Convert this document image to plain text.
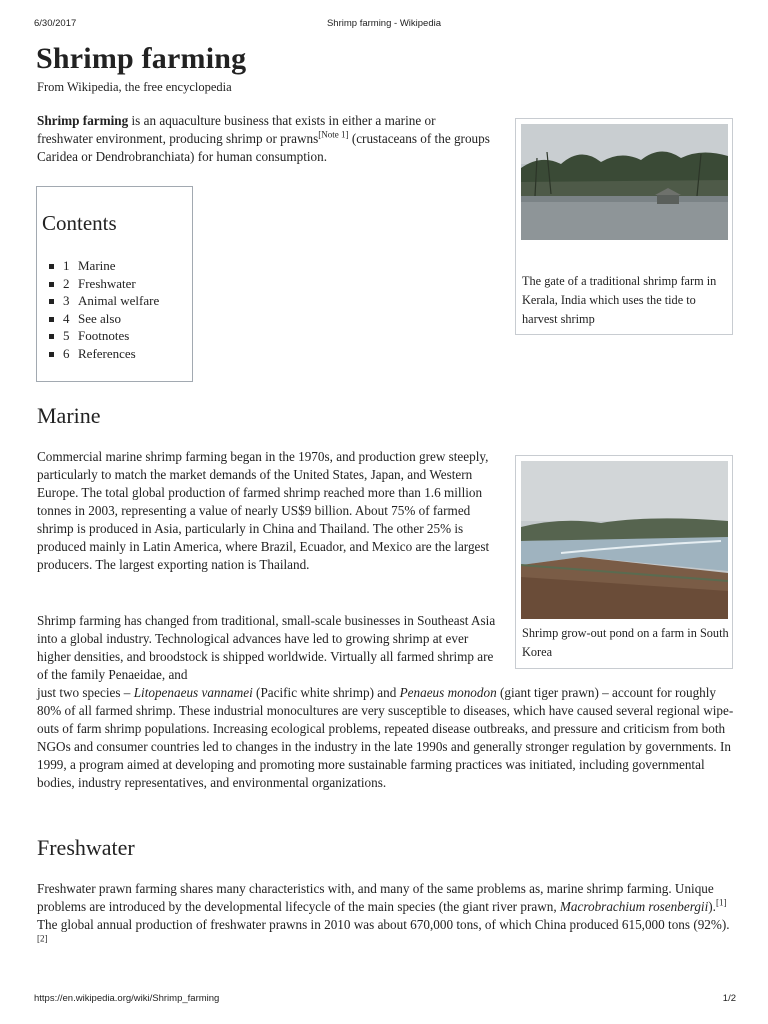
6/30/2017	Shrimp farming - Wikipedia
Shrimp farming
From Wikipedia, the free encyclopedia

Shrimp farming is an aquaculture business that exists in either a marine or

freshwater environment, producing shrimp or prawns[Note 1] (crustaceans of the groups Caridea or Dendrobranchiata) for human consumption.

Contents
1 Marine
2 Freshwater
3 Animal welfare
4 See also
5 Footnotes
6 References
The gate of a traditional shrimp farm in Kerala, India which uses the tide to harvest shrimp
Marine

Commercial marine shrimp farming began in the 1970s, and production grew steeply, particularly to match the market demands of the United States, Japan, and Western Europe. The total global production of farmed shrimp reached more than 1.6 million tonnes in 2003, representing a value of nearly US$9 billion. About 75% of farmed shrimp is produced in Asia, particularly in China and Thailand. The other 25% is produced mainly in Latin America, where Brazil, Ecuador, and Mexico are the largest producers. The largest exporting nation is Thailand.

Shrimp grow-out pond on a farm in South Korea

Shrimp farming has changed from traditional, small-scale businesses in Southeast Asia into a global industry. Technological advances have led to growing shrimp at ever higher densities, and broodstock is shipped worldwide. Virtually all farmed shrimp are of the family Penaeidae, and

just two species – Litopenaeus vannamei (Pacific white shrimp) and Penaeus monodon (giant tiger prawn) – account for roughly 80% of all farmed shrimp. These industrial monocultures are very susceptible to diseases, which have caused several regional wipe-outs of farm shrimp populations. Increasing ecological problems, repeated disease outbreaks, and pressure and criticism from both NGOs and consumer countries led to changes in the industry in the late 1990s and generally stronger regulation by governments. In 1999, a program aimed at developing and promoting more sustainable farming practices was initiated, including governmental bodies, industry representatives, and environmental organizations.

Freshwater

Freshwater prawn farming shares many characteristics with, and many of the same problems as, marine shrimp farming. Unique problems are introduced by the developmental lifecycle of the main species (the giant river prawn, Macrobrachium rosenbergii).[1] The global annual production of freshwater prawns in 2010 was about 670,000 tons, of which China produced 615,000 tons (92%).[2]

https://en.wikipedia.org/wiki/Shrimp_farming	1/2
